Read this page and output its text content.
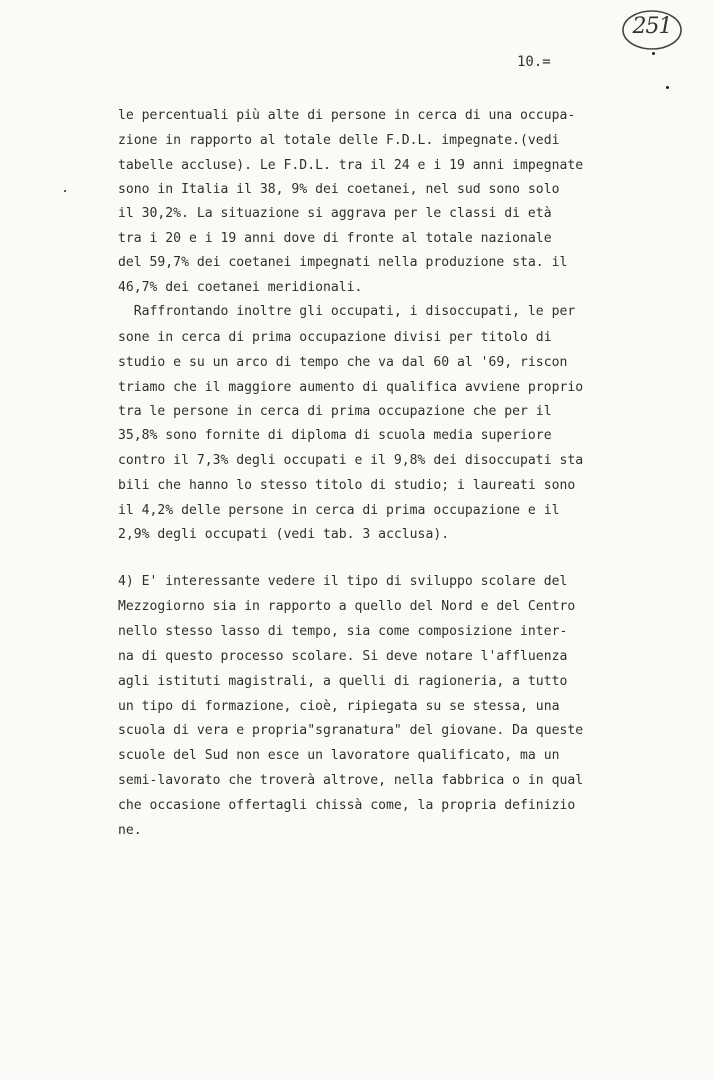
251
10.=
le percentuali più alte di persone in cerca di una occupa-
zione in rapporto al totale delle F.D.L. impegnate.(vedi
tabelle accluse). Le F.D.L. tra il 24 e i 19 anni impegnate
sono in Italia il 38, 9% dei coetanei, nel sud sono solo
il 30,2%. La situazione si aggrava per le classi di età
tra i 20 e i 19 anni dove di fronte al totale nazionale
del 59,7% dei coetanei impegnati nella produzione sta. il
46,7% dei coetanei meridionali.
Raffrontando inoltre gli occupati, i disoccupati, le per
sone in cerca di prima occupazione divisi per titolo di
studio e su un arco di tempo che va dal 60 al '69, riscon
triamo che il maggiore aumento di qualifica avviene proprio
tra le persone in cerca di prima occupazione che per il
35,8% sono fornite di diploma di scuola media superiore
contro il 7,3% degli occupati e il 9,8% dei disoccupati sta
bili che hanno lo stesso titolo di studio; i laureati sono
il 4,2% delle persone in cerca di prima occupazione e il
2,9% degli occupati (vedi tab. 3 acclusa).
4) E' interessante vedere il tipo di sviluppo scolare del
Mezzogiorno sia in rapporto a quello del Nord e del Centro
nello stesso lasso di tempo, sia come composizione inter-
na di questo processo scolare. Si deve notare l'affluenza
agli istituti magistrali, a quelli di ragioneria, a tutto
un tipo di formazione, cioè, ripiegata su se stessa, una
scuola di vera e propria"sgranatura" del giovane. Da queste
scuole del Sud non esce un lavoratore qualificato, ma un
semi-lavorato che troverà altrove, nella fabbrica o in qual
che occasione offertagli chissà come, la propria definizio
ne.
